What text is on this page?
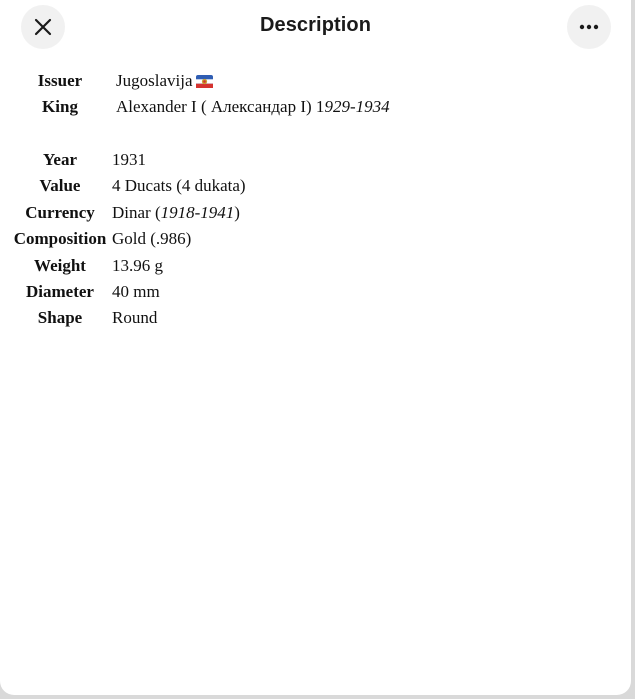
Description
Issuer	Jugoslavija
King	Alexander I ( Александар I) 1929-1934
Year	1931
Value	4 Ducats (4 dukata)
Currency	Dinar (1918-1941)
Composition Gold (.986)
Weight	13.96 g
Diameter	40 mm
Shape	Round
